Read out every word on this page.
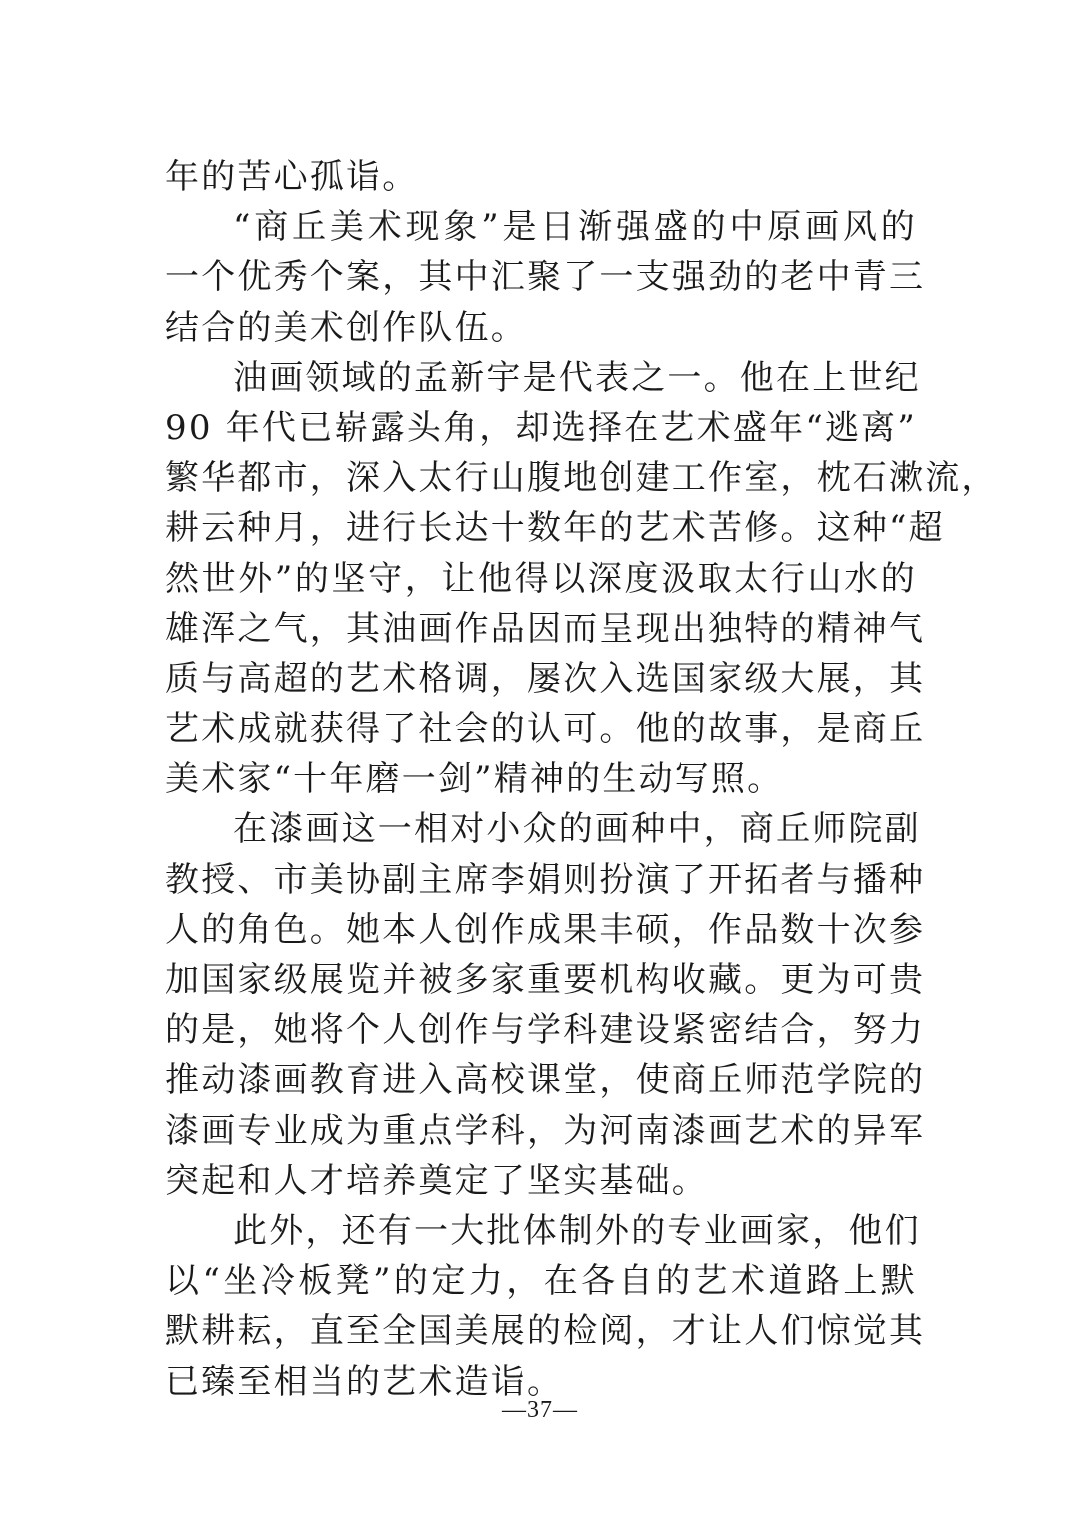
年的苦心孤诣。
“商丘美术现象”是日渐强盛的中原画风的
一个优秀个案，其中汇聚了一支强劲的老中青三
结合的美术创作队伍。
油画领域的孟新宇是代表之一。他在上世纪
90 年代已崭露头角，却选择在艺术盛年“逃离”
繁华都市，深入太行山腹地创建工作室，枕石漱流，
耕云种月，进行长达十数年的艺术苦修。这种“超
然世外”的坚守，让他得以深度汲取太行山水的
雄浑之气，其油画作品因而呈现出独特的精神气
质与高超的艺术格调，屡次入选国家级大展，其
艺术成就获得了社会的认可。他的故事，是商丘
美术家“十年磨一剑”精神的生动写照。
在漆画这一相对小众的画种中，商丘师院副
教授、市美协副主席李娟则扮演了开拓者与播种
人的角色。她本人创作成果丰硕，作品数十次参
加国家级展览并被多家重要机构收藏。更为可贵
的是，她将个人创作与学科建设紧密结合，努力
推动漆画教育进入高校课堂，使商丘师范学院的
漆画专业成为重点学科，为河南漆画艺术的异军
突起和人才培养奠定了坚实基础。
此外，还有一大批体制外的专业画家，他们
以“坐冷板凳”的定力，在各自的艺术道路上默
默耕耘，直至全国美展的检阅，才让人们惊觉其
已臻至相当的艺术造诣。
—37—
